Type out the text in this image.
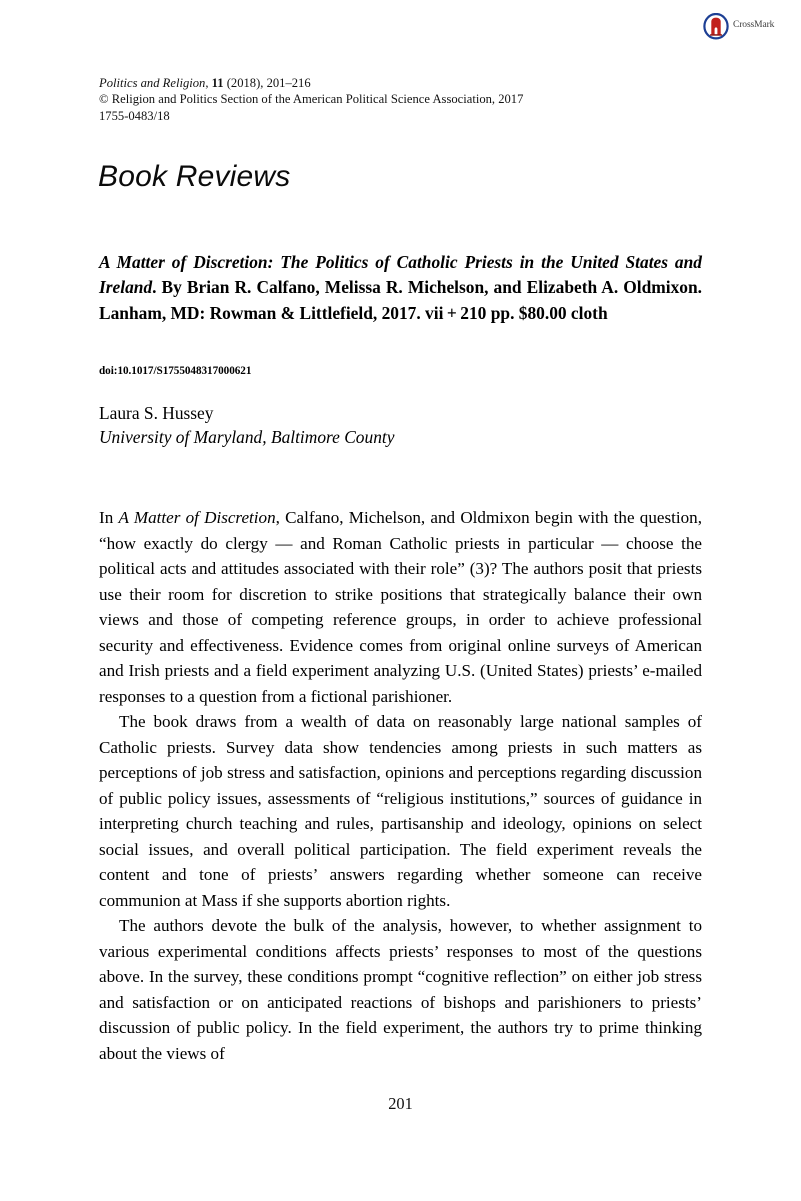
CrossMark
Politics and Religion, 11 (2018), 201–216
© Religion and Politics Section of the American Political Science Association, 2017
1755-0483/18
Book Reviews

A Matter of Discretion: The Politics of Catholic Priests in the United States and Ireland. By Brian R. Calfano, Melissa R. Michelson, and Elizabeth A. Oldmixon. Lanham, MD: Rowman & Littlefield, 2017. vii + 210 pp. $80.00 cloth

doi:10.1017/S1755048317000621
Laura S. Hussey
University of Maryland, Baltimore County

In A Matter of Discretion, Calfano, Michelson, and Oldmixon begin with the question, “how exactly do clergy — and Roman Catholic priests in particular — choose the political acts and attitudes associated with their role” (3)? The authors posit that priests use their room for discretion to strike positions that strategically balance their own views and those of competing reference groups, in order to achieve professional security and effectiveness. Evidence comes from original online surveys of American and Irish priests and a field experiment analyzing U.S. (United States) priests’ e-mailed responses to a question from a fictional parishioner.

The book draws from a wealth of data on reasonably large national samples of Catholic priests. Survey data show tendencies among priests in such matters as perceptions of job stress and satisfaction, opinions and perceptions regarding discussion of public policy issues, assessments of “religious institutions,” sources of guidance in interpreting church teaching and rules, partisanship and ideology, opinions on select social issues, and overall political participation. The field experiment reveals the content and tone of priests’ answers regarding whether someone can receive communion at Mass if she supports abortion rights.

The authors devote the bulk of the analysis, however, to whether assignment to various experimental conditions affects priests’ responses to most of the questions above. In the survey, these conditions prompt “cognitive reflection” on either job stress and satisfaction or on anticipated reactions of bishops and parishioners to priests’ discussion of public policy. In the field experiment, the authors try to prime thinking about the views of

201
